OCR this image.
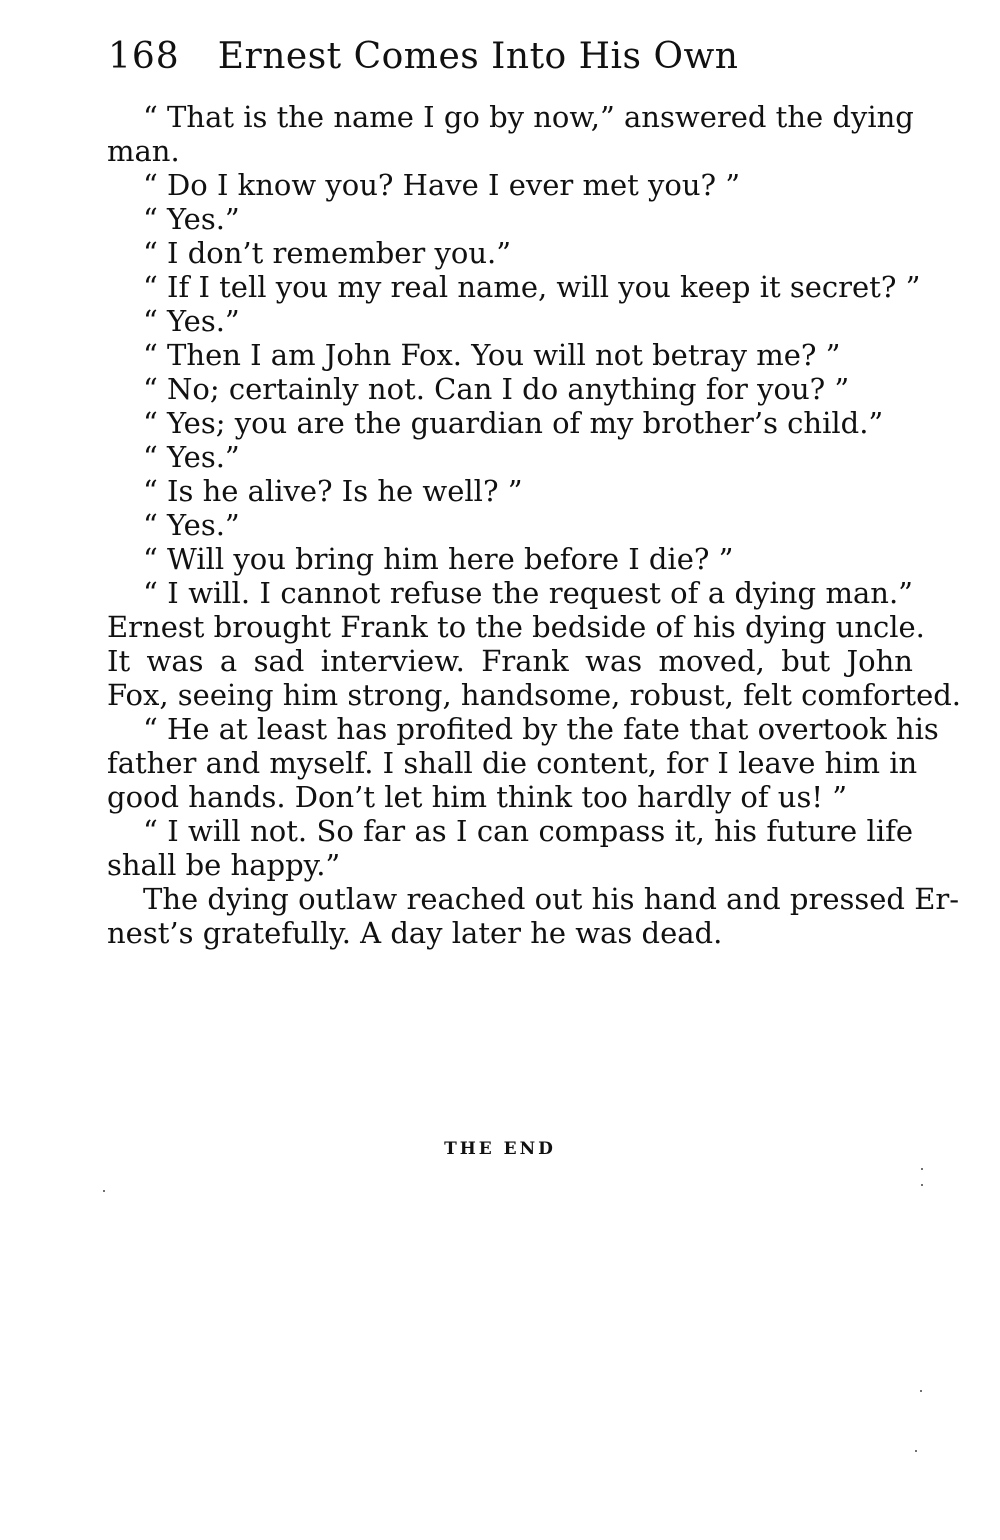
168 Ernest Comes Into His Own
“ That is the name I go by now,” answered the dying
man.
“ Do I know you? Have I ever met you? ”
“ Yes.”
“ I don’t remember you.”
“ If I tell you my real name, will you keep it secret? ”
“ Yes.”
“ Then I am John Fox. You will not betray me? ”
“ No; certainly not. Can I do anything for you? ”
“ Yes; you are the guardian of my brother’s child.”
“ Yes.”
“ Is he alive? Is he well? ”
“ Yes.”
“ Will you bring him here before I die? ”
“ I will. I cannot refuse the request of a dying man.”
Ernest brought Frank to the bedside of his dying uncle.
It was a sad interview. Frank was moved, but John
Fox, seeing him strong, handsome, robust, felt comforted.
“ He at least has profited by the fate that overtook his
father and myself. I shall die content, for I leave him in
good hands. Don’t let him think too hardly of us! ”
“ I will not. So far as I can compass it, his future life
shall be happy.”
The dying outlaw reached out his hand and pressed Er-
nest’s gratefully. A day later he was dead.
THE END
